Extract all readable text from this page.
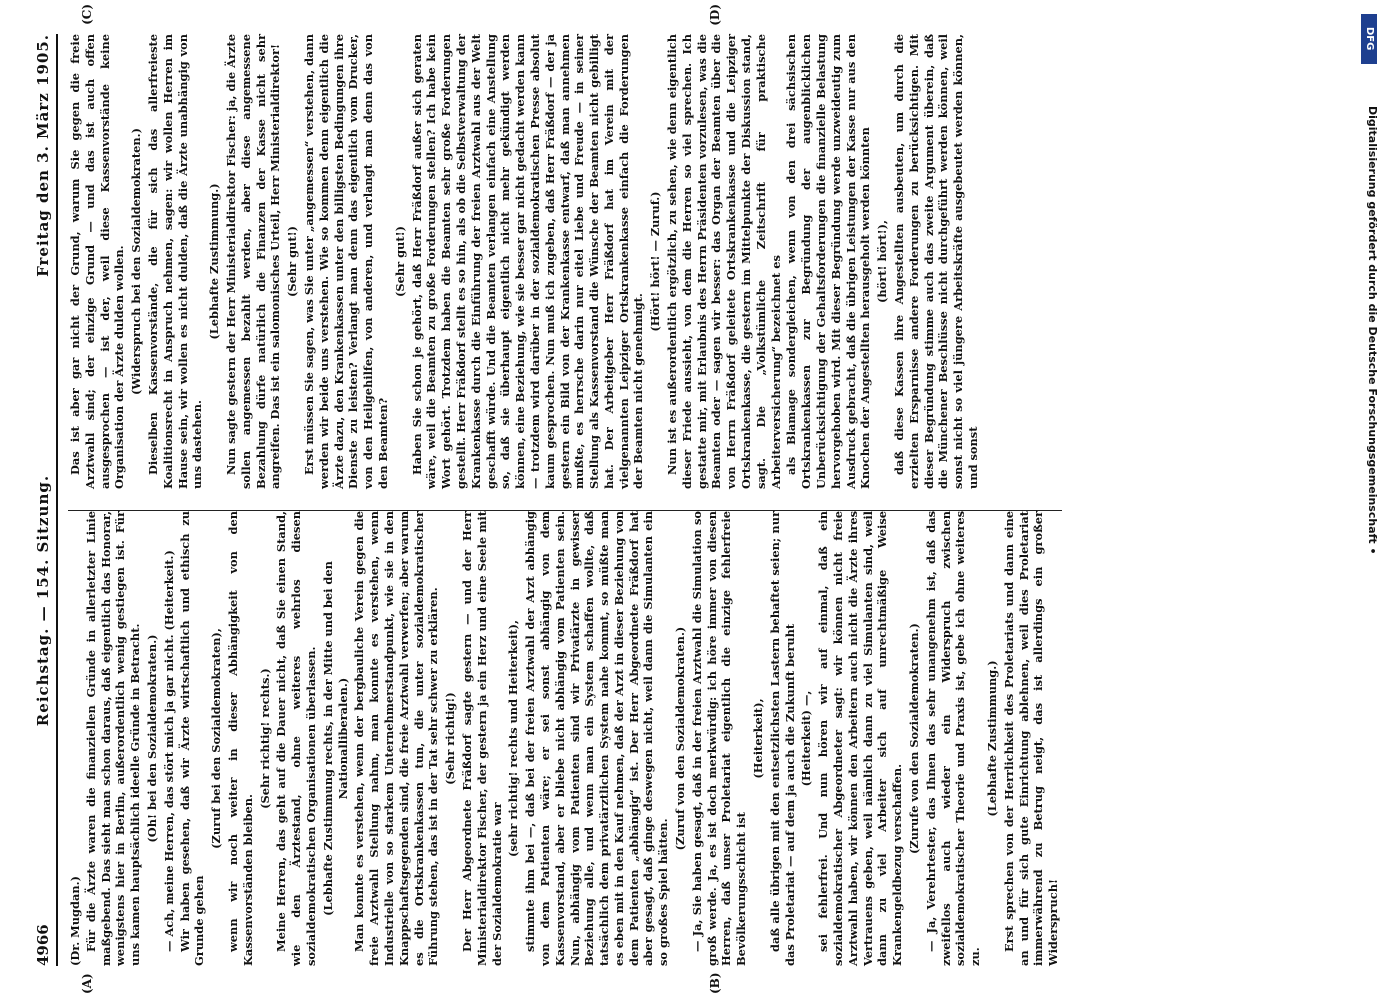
4966
Reichstag. — 154. Sitzung.
Freitag den 3. März 1905.
(A)	(B)
(C)	(D)

(Dr. Mugdan.) Für die Ärzte waren die finanziellen Gründe in allerletzter Linie maßgebend. Das sieht man schon daraus, daß eigentlich das Honorar, wenigstens hier in Berlin, außerordentlich wenig gestiegen ist. Für uns kamen hauptsächlich ideelle Gründe in Betracht. (Oh! bei den Sozialdemokraten.) — Ach, meine Herren, das stört mich ja gar nicht. (Heiterkeit.) Wir haben gesehen, daß wir Ärzte wirtschaftlich und ethisch zu Grunde gehen

(Zuruf bei den Sozialdemokraten), wenn wir noch weiter in dieser Abhängigkeit von den Kassenvorständen bleiben.

(Sehr richtig! rechts.) Meine Herren, das geht auf die Dauer nicht, daß Sie einen Stand, wie den Ärztestand, ohne weiteres wehrlos diesen sozialdemokratischen Organisationen überlassen. (Lebhafte Zustimmung rechts, in der Mitte und bei den Nationalliberalen.) Man konnte es verstehen, wenn der bergbauliche Verein gegen die freie Arztwahl Stellung nahm, man konnte es verstehen, wenn Industrielle von so starkem Unternehmerstandpunkt, wie sie in den Knappschaftsgegenden sind, die freie Arztwahl verwerfen; aber warum es die Ortskrankenkassen tun, die unter sozialdemokratischer Führung stehen, das ist in der Tat sehr schwer zu erklären. (Sehr richtig!) Der Herr Abgeordnete Fräßdorf sagte gestern — und der Herr Ministerialdirektor Fischer, der gestern ja ein Herz und eine Seele mit der Sozialdemokratie war

(sehr richtig! rechts und Heiterkeit), stimmte ihm bei —, daß bei der freien Arztwahl der Arzt abhängig von dem Patienten wäre; er sei sonst abhängig von dem Kassenvorstand, aber er bliebe nicht abhängig vom Patienten sein. Nun, abhängig vom Patienten sind wir Privatärzte in gewisser Beziehung alle, und wenn man ein System schaffen wollte, daß tatsächlich dem privatärztlichen System nahe kommt, so müßte man es eben mit in den Kauf nehmen, daß der Arzt in dieser Beziehung von dem Patienten „abhängig“ ist. Der Herr Abgeordnete Fräßdorf hat aber gesagt, daß ginge deswegen nicht, weil dann die Simulanten ein so großes Spiel hätten.

(Zuruf von den Sozialdemokraten.) — Ja, Sie haben gesagt, daß in der freien Arztwahl die Simulation so groß werde. Ja, es ist doch merkwürdig: ich höre immer von diesen Herren, daß unser Proletariat eigentlich die einzige fehlerfreie Bevölkerungsschicht ist

(Heiterkeit), daß alle übrigen mit den entsetzlichsten Lastern behaftet seien; nur das Proletariat — auf dem ja auch die Zukunft beruht (Heiterkeit) —, sei fehlerfrei. Und nun hören wir auf einmal, daß ein sozialdemokratischer Abgeordneter sagt: wir können nicht freie Arztwahl haben, wir können den Arbeitern auch nicht die Ärzte ihres Vertrauens geben, weil nämlich dann zu viel Simulanten sind, weil dann zu viel Arbeiter sich auf unrechtmäßige Weise Krankengeldbezug verschaffen.

(Zurufe von den Sozialdemokraten.) — Ja, Verehrtester, das Ihnen das sehr unangenehm ist, daß das zweifellos auch wieder ein Widerspruch zwischen sozialdemokratischer Theorie und Praxis ist, gebe ich ohne weiteres zu.

(Lebhafte Zustimmung.) Erst sprechen von der Herrlichkeit des Proletariats und dann eine an und für sich gute Einrichtung ablehnen, weil dies Proletariat immerwährend zu Betrug neigt, das ist allerdings ein großer Widerspruch!

Das ist aber gar nicht der Grund, warum Sie gegen die freie Arztwahl sind; der einzige Grund — und das ist auch offen ausgesprochen — ist der, weil diese Kassenvorstände keine Organisation der Ärzte dulden wollen. (Widerspruch bei den Sozialdemokraten.) Dieselben Kassenvorstände, die für sich das allerfreieste Koalitionsrecht in Anspruch nehmen, sagen: wir wollen Herren im Hause sein, wir wollen es nicht dulden, daß die Ärzte unabhängig von uns dastehen.

(Lebhafte Zustimmung.) Nun sagte gestern der Herr Ministerialdirektor Fischer: ja, die Ärzte sollen angemessen bezahlt werden, aber diese angemessene Bezahlung dürfe natürlich die Finanzen der Kasse nicht sehr angreifen. Das ist ein salomonisches Urteil, Herr Ministerialdirektor! (Sehr gut!) Erst müssen Sie sagen, was Sie unter „angemessen“ verstehen, dann werden wir beide uns verstehen. Wie so kommen denn eigentlich die Ärzte dazu, den Krankenkassen unter den billigsten Bedingungen ihre Dienste zu leisten? Verlangt man denn das eigentlich vom Drucker, von den Heilgehilfen, von anderen, und verlangt man denn das von den Beamten?

(Sehr gut!) Haben Sie schon je gehört, daß Herr Fräßdorf außer sich geraten wäre, weil die Beamten zu große Forderungen stellen? Ich habe kein Wort gehört. Trotzdem haben die Beamten sehr große Forderungen gestellt. Herr Fräßdorf stellt es so hin, als ob die Selbstverwaltung der Krankenkasse durch die Einführung der freien Arztwahl aus der Welt geschafft würde. Und die Beamten verlangen einfach eine Anstellung so, daß sie überhaupt eigentlich nicht mehr gekündigt werden können, eine Beziehung, wie sie besser gar nicht gedacht werden kann — trotzdem wird darüber in der sozialdemokratischen Presse absolut kaum gesprochen. Nun muß ich zugeben, daß Herr Fräßdorf — der ja gestern ein Bild von der Krankenkasse entwarf, daß man annehmen mußte, es herrsche darin nur eitel Liebe und Freude — in seiner Stellung als Kassenvorstand die Wünsche der Beamten nicht gebilligt hat. Der Arbeitgeber Herr Fräßdorf hat im Verein mit der vielgenannten Leipziger Ortskrankenkasse einfach die Forderungen der Beamten nicht genehmigt.

(Hört! hört! — Zuruf.) Nun ist es außerordentlich ergötzlich, zu sehen, wie denn eigentlich dieser Friede aussieht, von dem die Herren so viel sprechen. Ich gestatte mir, mit Erlaubnis des Herrn Präsidenten vorzulesen, was die Beamten oder — sagen wir besser: das Organ der Beamten über die von Herrn Fräßdorf geleitete Ortskrankenkasse und die Leipziger Ortskrankenkasse, die gestern im Mittelpunkte der Diskussion stand, sagt. Die „Volkstümliche Zeitschrift für praktische Arbeiterversicherung“ bezeichnet es als Blamage sondergleichen, wenn von den drei sächsischen Ortskrankenkassen zur Begründung der augenblicklichen Unberücksichtigung der Gehaltsforderungen die finanzielle Belastung hervorgehoben wird. Mit dieser Begründung werde unzweideutig zum Ausdruck gebracht, daß die übrigen Leistungen der Kasse nur aus den Knochen der Angestellten herausgeholt werden könnten (hört! hört!), daß diese Kassen ihre Angestellten ausbeuten, um durch die erzielten Ersparnisse andere Forderungen zu berücksichtigen. Mit dieser Begründung stimme auch das zweite Argument überein, daß die Münchener Beschlüsse nicht durchgeführt werden können, weil sonst nicht so viel jüngere Arbeitskräfte ausgebeutet werden können, und sonst

DFG
Digitalisierung gefördert durch die Deutsche Forschungsgemeinschaft •
